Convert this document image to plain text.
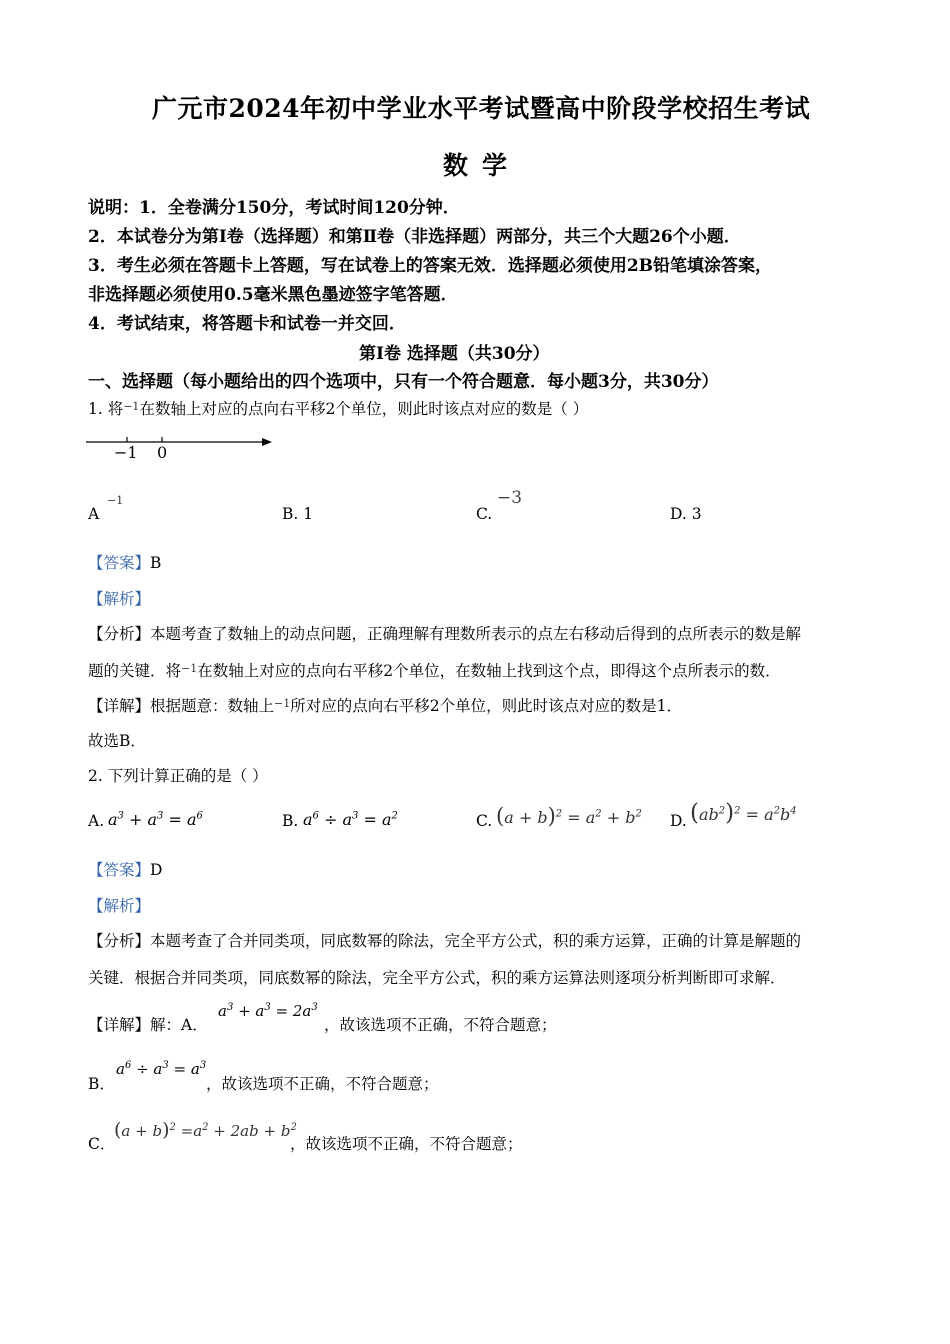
广元市2024年初中学业水平考试暨高中阶段学校招生考试
数学
说明：1．全卷满分150分，考试时间120分钟．
2．本试卷分为第Ⅰ卷（选择题）和第Ⅱ卷（非选择题）两部分，共三个大题26个小题．
3．考生必须在答题卡上答题，写在试卷上的答案无效．选择题必须使用2B铅笔填涂答案，
非选择题必须使用0.5毫米黑色墨迹签字笔答题．
4．考试结束，将答题卡和试卷一并交回．
第Ⅰ卷 选择题（共30分）
一、选择题（每小题给出的四个选项中，只有一个符合题意．每小题3分，共30分）
1. 将$^{-1}$在数轴上对应的点向右平移2个单位，则此时该点对应的数是（ ）
−1 0
A
−1
B. 1	C.
−3
D. 3
【答案】B
【解析】
【分析】本题考查了数轴上的动点问题，正确理解有理数所表示的点左右移动后得到的点所表示的数是解
题的关键．将$^{-1}$在数轴上对应的点向右平移2个单位，在数轴上找到这个点，即得这个点所表示的数．
【详解】根据题意：数轴上$^{-1}$所对应的点向右平移2个单位，则此时该点对应的数是1．
故选B．
2. 下列计算正确的是（ ）
A. $a^3 + a^3 = a^6$	B. $a^6 \div a^3 = a^2$	C. $(a + b)^2 = a^2 + b^2$ D. $(ab^2)^2 = a^2b^4$
【答案】D
【解析】
【分析】本题考查了合并同类项，同底数幂的除法，完全平方公式，积的乘方运算，正确的计算是解题的
关键．根据合并同类项，同底数幂的除法，完全平方公式，积的乘方运算法则逐项分析判断即可求解．
【详解】解：A．
$a^3 + a^3 = 2a^3$
，故该选项不正确，不符合题意；
B．
$a^6 \div a^3 = a^3$
，故该选项不正确，不符合题意；
C．
$(a + b)^2 =a^2 + 2ab + b^2$
，故该选项不正确，不符合题意；
